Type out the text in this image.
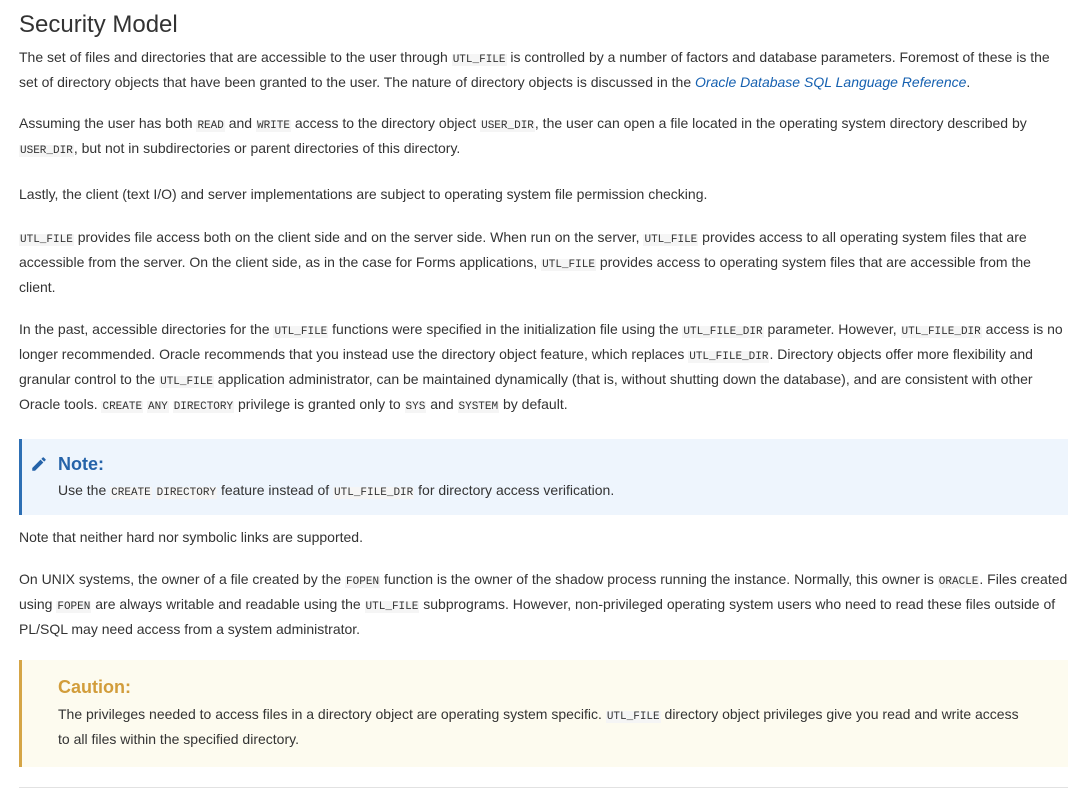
Security Model

The set of files and directories that are accessible to the user through UTL_FILE is controlled by a number of factors and database parameters. Foremost of these is the set of directory objects that have been granted to the user. The nature of directory objects is discussed in the Oracle Database SQL Language Reference.

Assuming the user has both READ and WRITE access to the directory object USER_DIR, the user can open a file located in the operating system directory described by USER_DIR, but not in subdirectories or parent directories of this directory.

Lastly, the client (text I/O) and server implementations are subject to operating system file permission checking.

UTL_FILE provides file access both on the client side and on the server side. When run on the server, UTL_FILE provides access to all operating system files that are accessible from the server. On the client side, as in the case for Forms applications, UTL_FILE provides access to operating system files that are accessible from the client.

In the past, accessible directories for the UTL_FILE functions were specified in the initialization file using the UTL_FILE_DIR parameter. However, UTL_FILE_DIR access is no longer recommended. Oracle recommends that you instead use the directory object feature, which replaces UTL_FILE_DIR. Directory objects offer more flexibility and granular control to the UTL_FILE application administrator, can be maintained dynamically (that is, without shutting down the database), and are consistent with other Oracle tools. CREATE ANY DIRECTORY privilege is granted only to SYS and SYSTEM by default.

Note:

Use the CREATE DIRECTORY feature instead of UTL_FILE_DIR for directory access verification.

Note that neither hard nor symbolic links are supported.

On UNIX systems, the owner of a file created by the FOPEN function is the owner of the shadow process running the instance. Normally, this owner is ORACLE. Files created using FOPEN are always writable and readable using the UTL_FILE subprograms. However, non-privileged operating system users who need to read these files outside of PL/SQL may need access from a system administrator.

Caution:

The privileges needed to access files in a directory object are operating system specific. UTL_FILE directory object privileges give you read and write access to all files within the specified directory.
